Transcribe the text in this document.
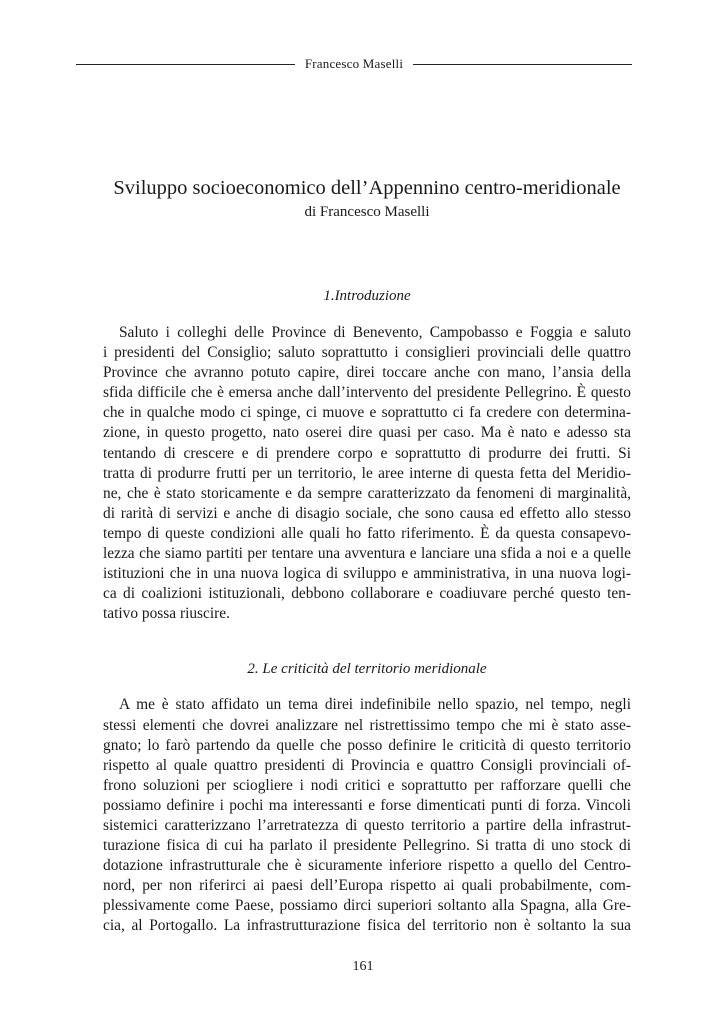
Francesco Maselli
Sviluppo socioeconomico dell’Appennino centro-meridionale

di Francesco Maselli

1.Introduzione
Saluto i colleghi delle Province di Benevento, Campobasso e Foggia e saluto
i presidenti del Consiglio; saluto soprattutto i consiglieri provinciali delle quattro
Province che avranno potuto capire, direi toccare anche con mano, l’ansia della
sfida difficile che è emersa anche dall’intervento del presidente Pellegrino. È questo
che in qualche modo ci spinge, ci muove e soprattutto ci fa credere con determina-
zione, in questo progetto, nato oserei dire quasi per caso. Ma è nato e adesso sta
tentando di crescere e di prendere corpo e soprattutto di produrre dei frutti. Si
tratta di produrre frutti per un territorio, le aree interne di questa fetta del Meridio-
ne, che è stato storicamente e da sempre caratterizzato da fenomeni di marginalità,
di rarità di servizi e anche di disagio sociale, che sono causa ed effetto allo stesso
tempo di queste condizioni alle quali ho fatto riferimento. È da questa consapevo-
lezza che siamo partiti per tentare una avventura e lanciare una sfida a noi e a quelle
istituzioni che in una nuova logica di sviluppo e amministrativa, in una nuova logi-
ca di coalizioni istituzionali, debbono collaborare e coadiuvare perché questo ten-
tativo possa riuscire.
2. Le criticità del territorio meridionale
A me è stato affidato un tema direi indefinibile nello spazio, nel tempo, negli
stessi elementi che dovrei analizzare nel ristrettissimo tempo che mi è stato asse-
gnato; lo farò partendo da quelle che posso definire le criticità di questo territorio
rispetto al quale quattro presidenti di Provincia e quattro Consigli provinciali of-
frono soluzioni per sciogliere i nodi critici e soprattutto per rafforzare quelli che
possiamo definire i pochi ma interessanti e forse dimenticati punti di forza. Vincoli
sistemici caratterizzano l’arretratezza di questo territorio a partire della infrastrut-
turazione fisica di cui ha parlato il presidente Pellegrino. Si tratta di uno stock di
dotazione infrastrutturale che è sicuramente inferiore rispetto a quello del Centro-
nord, per non riferirci ai paesi dell’Europa rispetto ai quali probabilmente, com-
plessivamente come Paese, possiamo dirci superiori soltanto alla Spagna, alla Gre-
cia, al Portogallo. La infrastrutturazione fisica del territorio non è soltanto la sua
161
